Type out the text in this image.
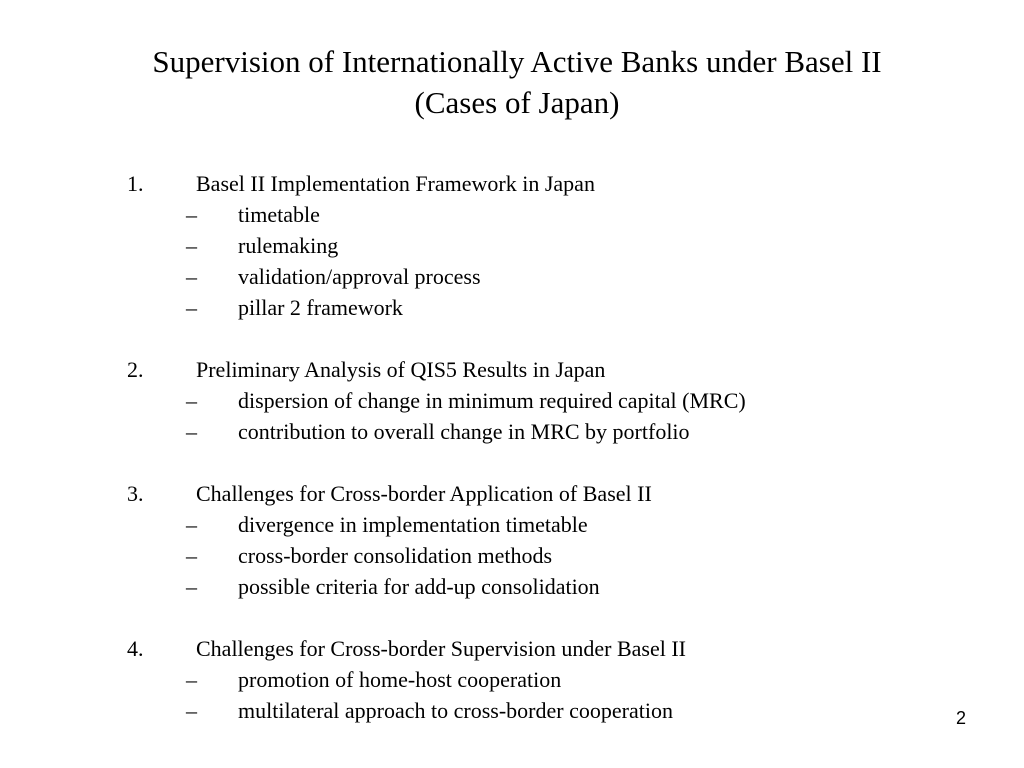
Supervision of Internationally Active Banks under Basel II
(Cases of Japan)
1. Basel II Implementation Framework in Japan
– timetable
– rulemaking
– validation/approval process
– pillar 2 framework
2. Preliminary Analysis of QIS5 Results in Japan
– dispersion of change in minimum required capital (MRC)
– contribution to overall change in MRC by portfolio
3. Challenges for Cross-border Application of Basel II
– divergence in implementation timetable
– cross-border consolidation methods
– possible criteria for add-up consolidation
4. Challenges for Cross-border Supervision under Basel II
– promotion of home-host cooperation
– multilateral approach to cross-border cooperation	2
